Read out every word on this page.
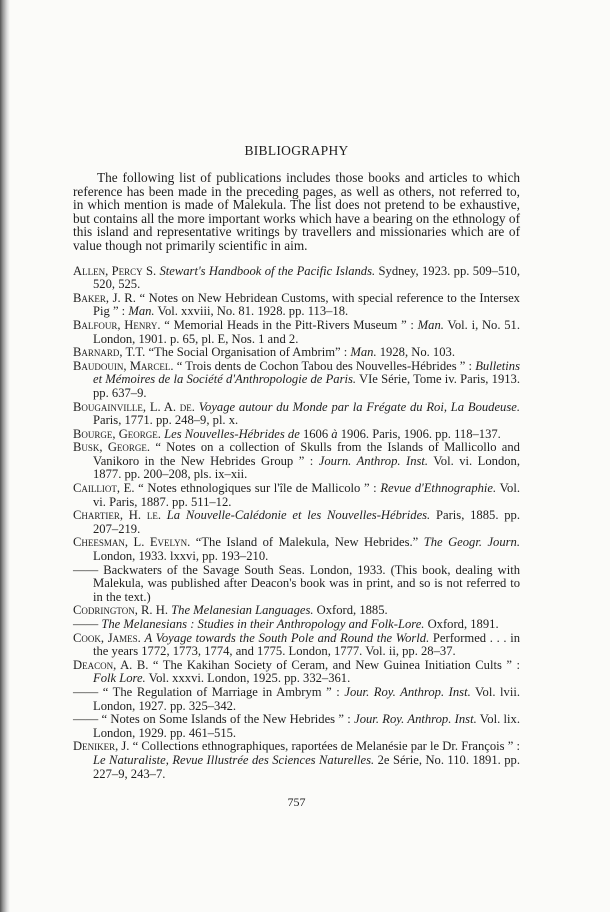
BIBLIOGRAPHY

The following list of publications includes those books and articles to which reference has been made in the preceding pages, as well as others, not referred to, in which mention is made of Malekula. The list does not pretend to be exhaustive, but contains all the more important works which have a bearing on the ethnology of this island and representative writings by travellers and missionaries which are of value though not primarily scientific in aim.

Allen, Percy S. Stewart's Handbook of the Pacific Islands. Sydney, 1923. pp. 509–510, 520, 525.

Baker, J. R. “ Notes on New Hebridean Customs, with special reference to the Intersex Pig ” : Man. Vol. xxviii, No. 81. 1928. pp. 113–18.

Balfour, Henry. “ Memorial Heads in the Pitt-Rivers Museum ” : Man. Vol. i, No. 51. London, 1901. p. 65, pl. E, Nos. 1 and 2.

Barnard, T.T. “The Social Organisation of Ambrim” : Man. 1928, No. 103.

Baudouin, Marcel. “ Trois dents de Cochon Tabou des Nouvelles-Hébrides ” : Bulletins et Mémoires de la Société d'Anthropologie de Paris. VIe Série, Tome iv. Paris, 1913. pp. 637–9.

Bougainville, L. A. de. Voyage autour du Monde par la Frégate du Roi, La Boudeuse. Paris, 1771. pp. 248–9, pl. x.

Bourge, George. Les Nouvelles-Hébrides de 1606 à 1906. Paris, 1906. pp. 118–137.

Busk, George. “ Notes on a collection of Skulls from the Islands of Mallicollo and Vanikoro in the New Hebrides Group ” : Journ. Anthrop. Inst. Vol. vi. London, 1877. pp. 200–208, pls. ix–xii.

Cailliot, E. “ Notes ethnologiques sur l'île de Mallicolo ” : Revue d'Ethnographie. Vol. vi. Paris, 1887. pp. 511–12.

Chartier, H. le. La Nouvelle-Calédonie et les Nouvelles-Hébrides. Paris, 1885. pp. 207–219.

Cheesman, L. Evelyn. “The Island of Malekula, New Hebrides.” The Geogr. Journ. London, 1933. lxxvi, pp. 193–210.

—— Backwaters of the Savage South Seas. London, 1933. (This book, dealing with Malekula, was published after Deacon's book was in print, and so is not referred to in the text.)

Codrington, R. H. The Melanesian Languages. Oxford, 1885.

—— The Melanesians : Studies in their Anthropology and Folk-Lore. Oxford, 1891.

Cook, James. A Voyage towards the South Pole and Round the World. Performed . . . in the years 1772, 1773, 1774, and 1775. London, 1777. Vol. ii, pp. 28–37.

Deacon, A. B. “ The Kakihan Society of Ceram, and New Guinea Initiation Cults ” : Folk Lore. Vol. xxxvi. London, 1925. pp. 332–361.

—— “ The Regulation of Marriage in Ambrym ” : Jour. Roy. Anthrop. Inst. Vol. lvii. London, 1927. pp. 325–342.

—— “ Notes on Some Islands of the New Hebrides ” : Jour. Roy. Anthrop. Inst. Vol. lix. London, 1929. pp. 461–515.

Deniker, J. “ Collections ethnographiques, raportées de Melanésie par le Dr. François ” : Le Naturaliste, Revue Illustrée des Sciences Naturelles. 2e Série, No. 110. 1891. pp. 227–9, 243–7.

757
